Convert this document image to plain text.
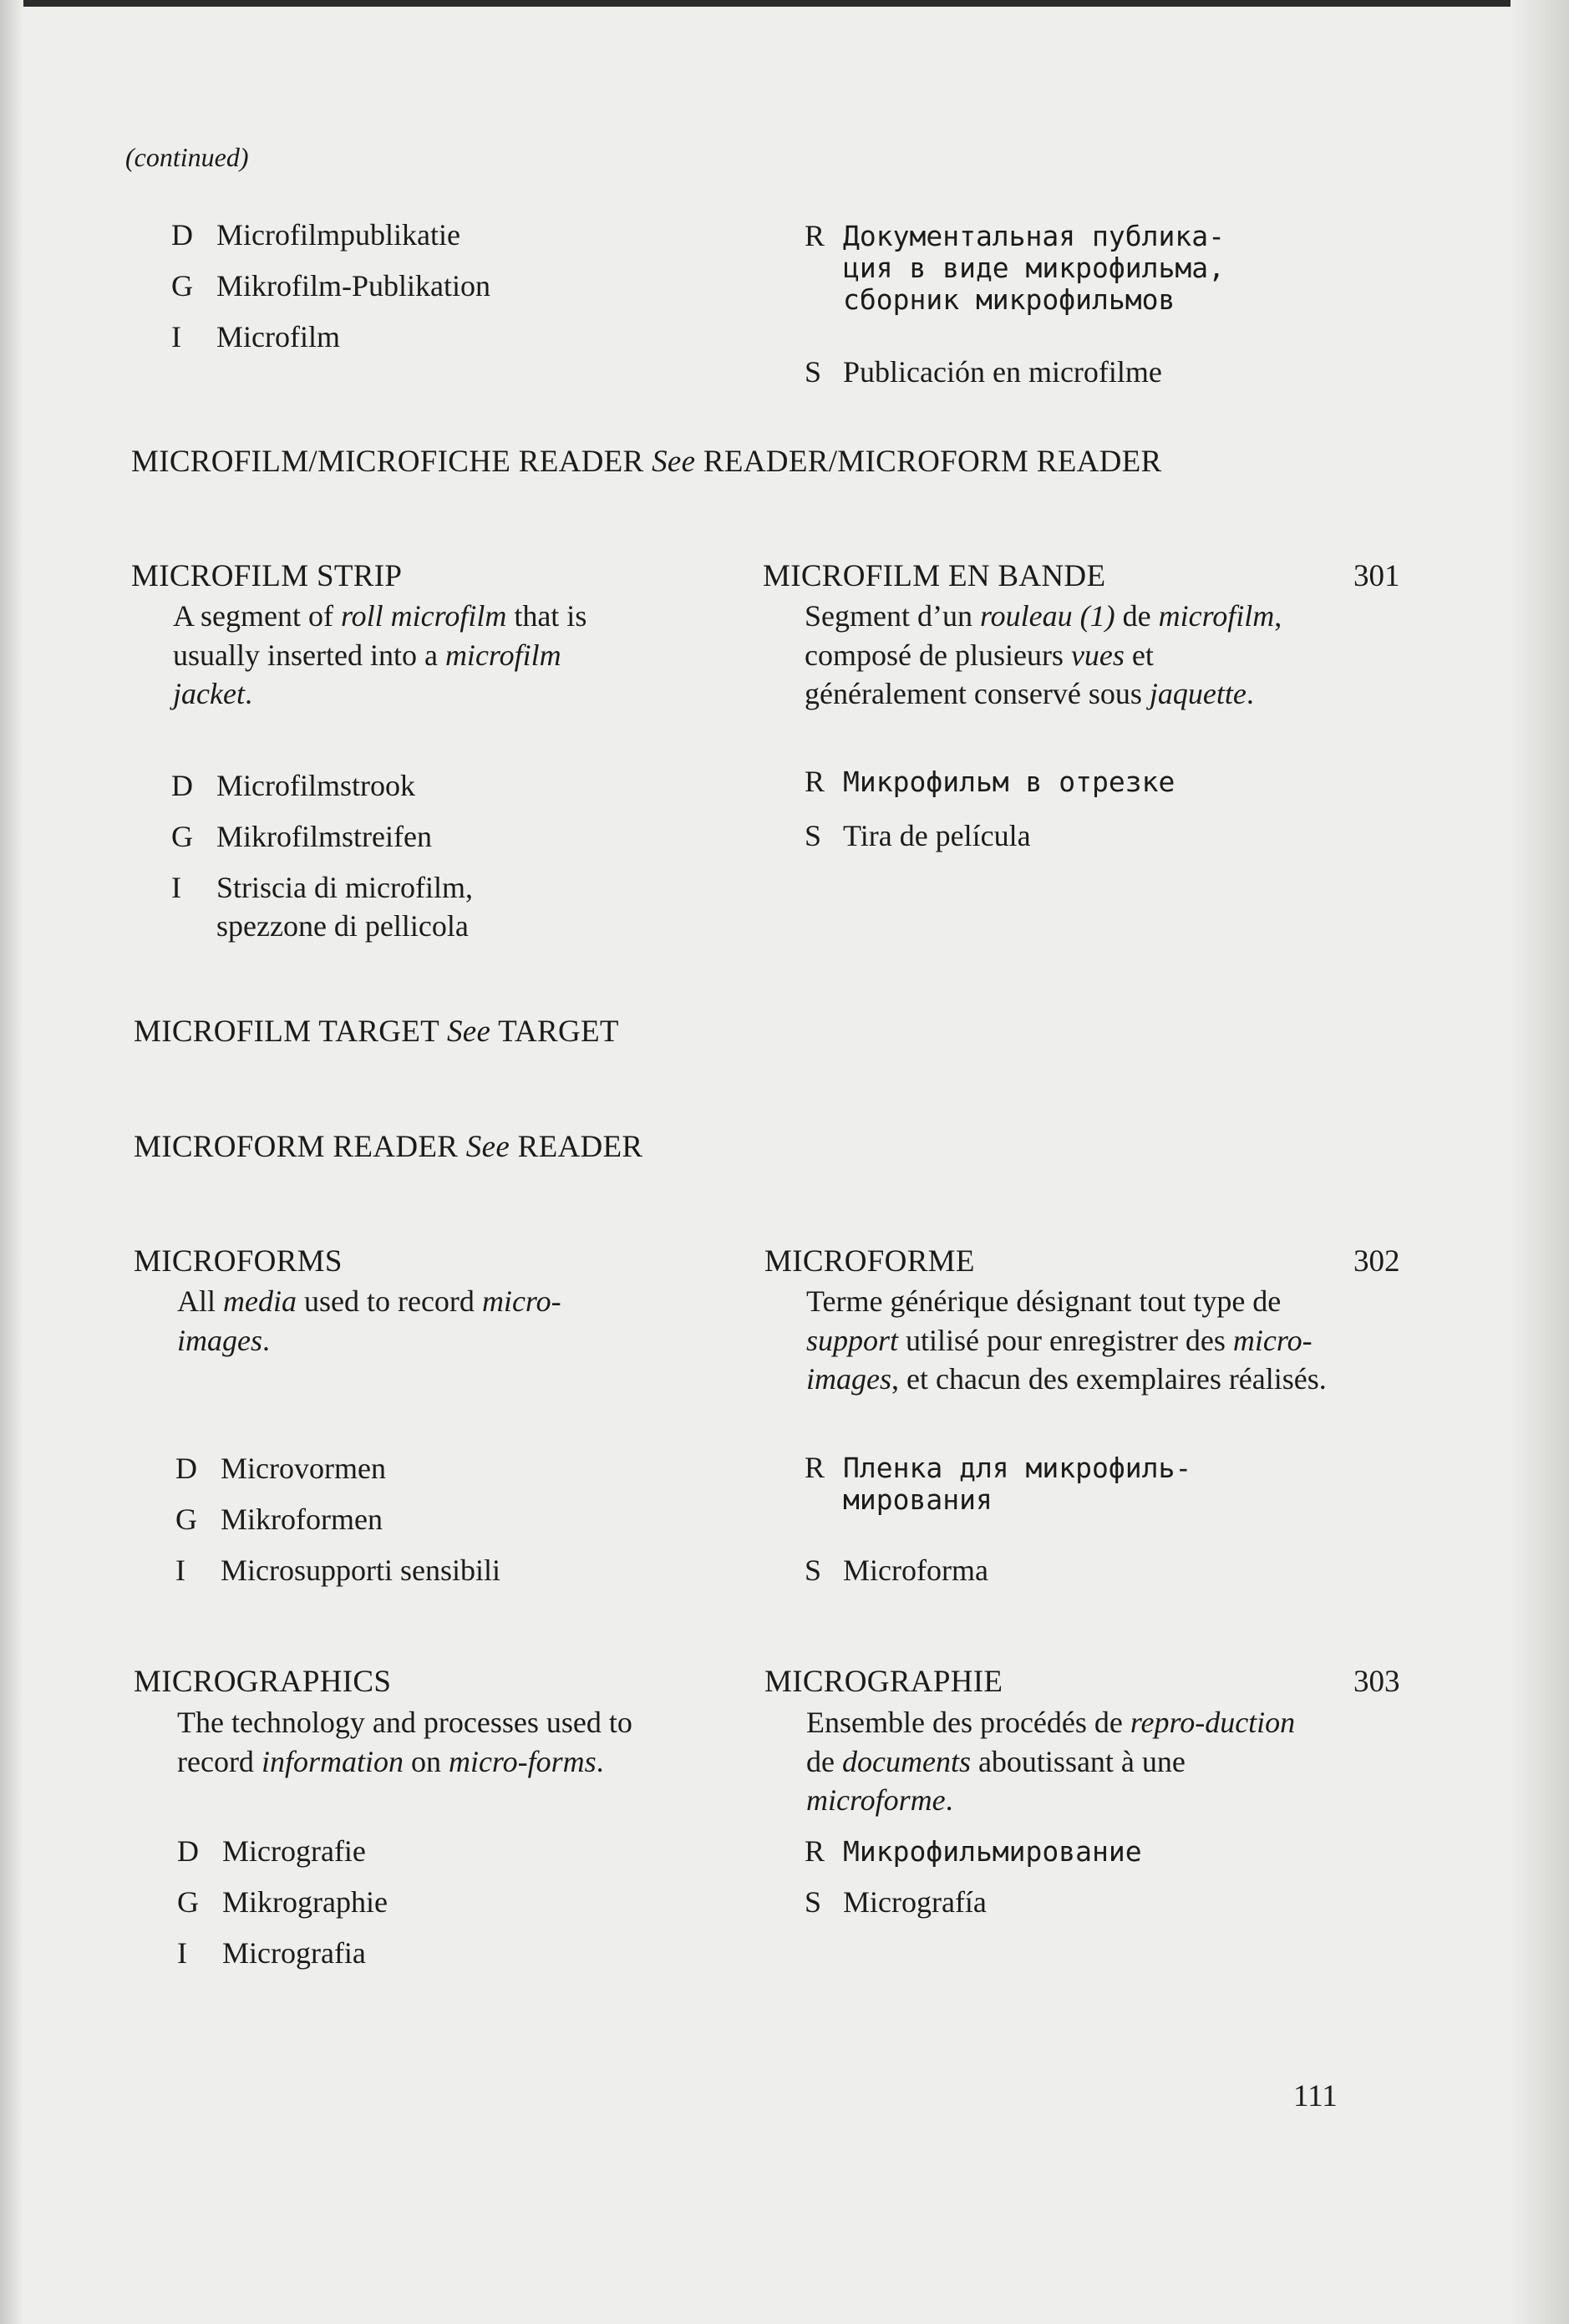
(continued)
D Microfilmpublikatie
G Mikrofilm-Publikation
I Microfilm
R Документальная публика-
ция в виде микрофильма,
сборник микрофильмов
S Publicación en microfilme
MICROFILM/MICROFICHE READER See READER/MICROFORM READER
MICROFILM STRIP	MICROFILM EN BANDE	301
A segment of roll microfilm that is usually inserted into a microfilm jacket.
Segment d’un rouleau (1) de microfilm, composé de plusieurs vues et généralement conservé sous jaquette.
D Microfilmstrook
G Mikrofilmstreifen
I Striscia di microfilm,
spezzone di pellicola
R Микрофильм в отрезке
S Tira de película
MICROFILM TARGET See TARGET
MICROFORM READER See READER
MICROFORMS	MICROFORME	302
All media used to record micro-images.
Terme générique désignant tout type de support utilisé pour enregistrer des micro-images, et chacun des exemplaires réalisés.
D Microvormen
G Mikroformen
I Microsupporti sensibili
R Пленка для микрофиль-
мирования
S Microforma
MICROGRAPHICS	MICROGRAPHIE	303
The technology and processes used to record information on micro-forms.
Ensemble des procédés de repro-duction de documents aboutissant à une microforme.
D Micrografie
G Mikrographie
I Micrografia
R Микрофильмирование
S Micrografía
111
